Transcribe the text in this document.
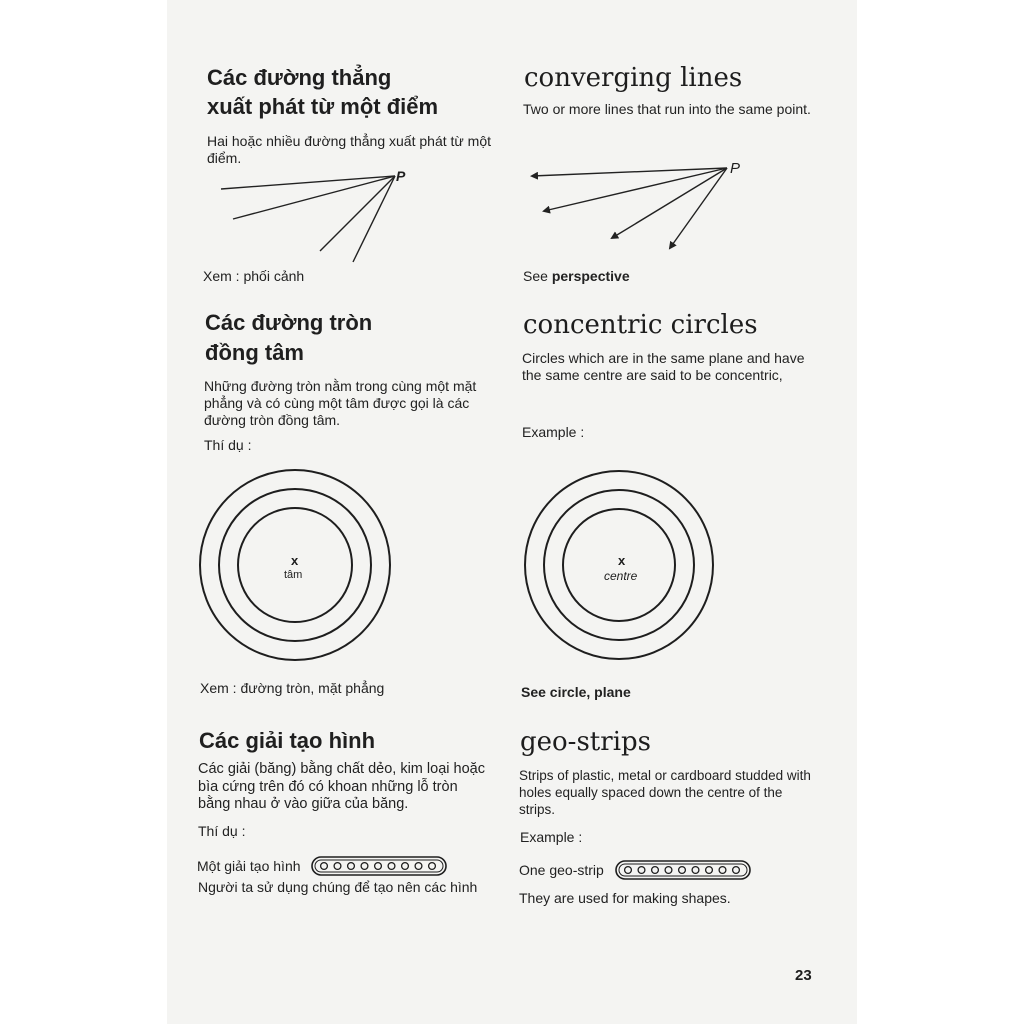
Các đường thẳng
xuất phát từ một điểm
Hai hoặc nhiều đường thẳng xuất phát từ một điểm.
P
Xem : phối cảnh
converging lines
Two or more lines that run into the same point.
P
See perspective
Các đường tròn
đồng tâm
Những đường tròn nằm trong cùng một mặt phẳng và có cùng một tâm được gọi là các đường tròn đồng tâm.
Thí dụ :
x
tâm
Xem : đường tròn, mặt phẳng
concentric circles
Circles which are in the same plane and have the same centre are said to be concentric,
Example :
x
centre
See circle, plane
Các giải tạo hình
Các giải (băng) bằng chất dẻo, kim loại hoặc bìa cứng trên đó có khoan những lỗ tròn bằng nhau ở vào giữa của băng.
Thí dụ :
Một giải tạo hình
Người ta sử dụng chúng để tạo nên các hình
geo-strips
Strips of plastic, metal or cardboard studded with holes equally spaced down the centre of the strips.
Example :
One geo-strip
They are used for making shapes.
23
